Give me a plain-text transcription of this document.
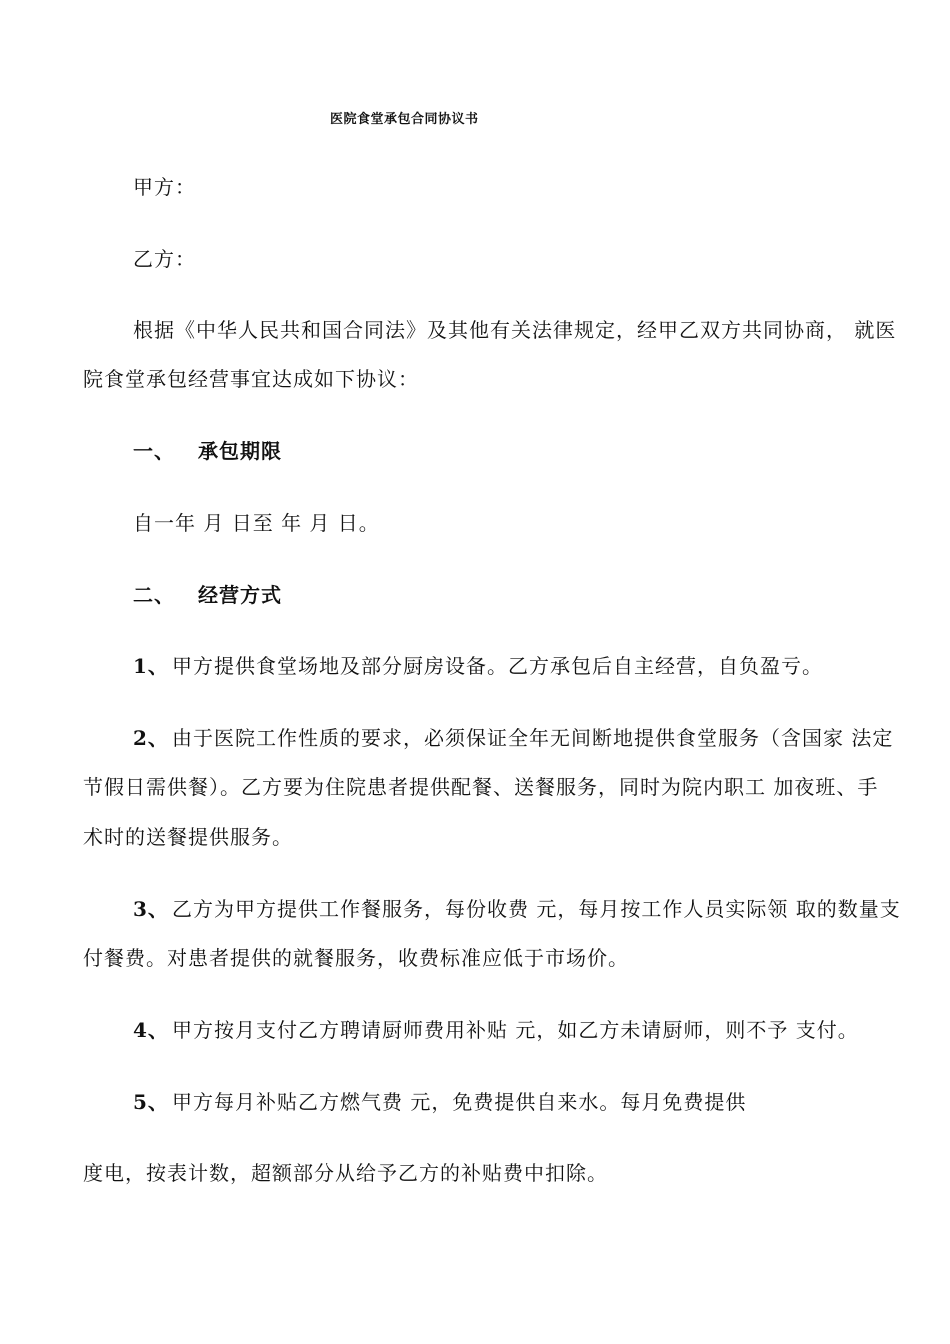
医院食堂承包合同协议书
甲方：
乙方：
根据《中华人民共和国合同法》及其他有关法律规定，经甲乙双方共同协商， 就医
院食堂承包经营事宜达成如下协议：
一、 承包期限
自一年 月 日至 年 月 日。
二、 经营方式
1、 甲方提供食堂场地及部分厨房设备。乙方承包后自主经营，自负盈亏。
2、 由于医院工作性质的要求，必须保证全年无间断地提供食堂服务（含国家 法定
节假日需供餐）。乙方要为住院患者提供配餐、送餐服务，同时为院内职工 加夜班、手
术时的送餐提供服务。
3、 乙方为甲方提供工作餐服务，每份收费 元，每月按工作人员实际领 取的数量支
付餐费。对患者提供的就餐服务，收费标准应低于市场价。
4、 甲方按月支付乙方聘请厨师费用补贴 元，如乙方未请厨师，则不予 支付。
5、 甲方每月补贴乙方燃气费 元，免费提供自来水。每月免费提供
度电，按表计数，超额部分从给予乙方的补贴费中扣除。
